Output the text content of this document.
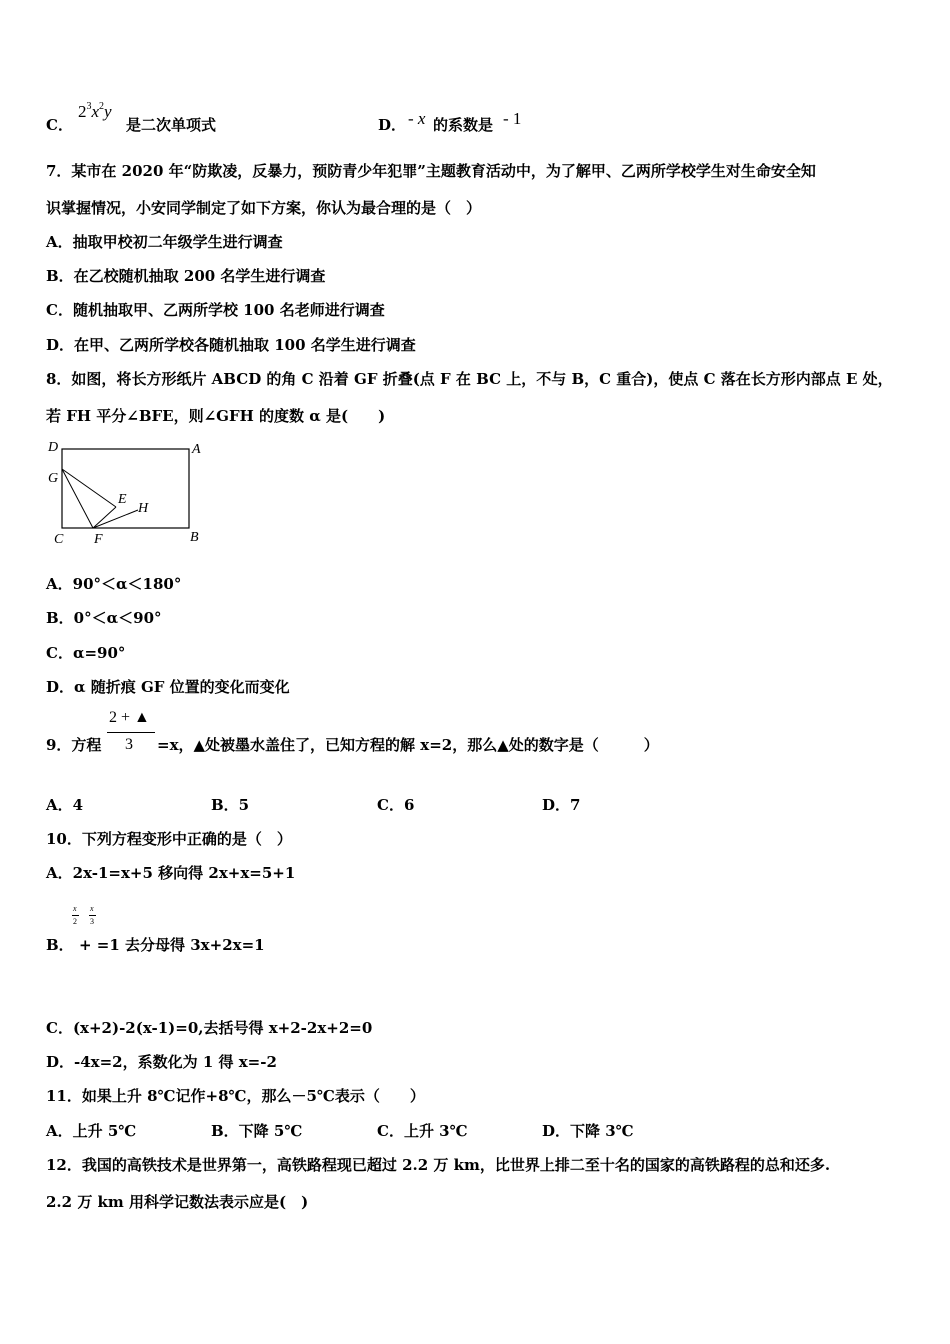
C．
$2^3x^2y$
是二次单项式	D． - x 的系数是 - 1
7．某市在 2020 年“防欺凌，反暴力，预防青少年犯罪”主题教育活动中，为了解甲、乙两所学校学生对生命安全知
识掌握情况，小安同学制定了如下方案，你认为最合理的是（　）
A．抽取甲校初二年级学生进行调查
B．在乙校随机抽取 200 名学生进行调查
C．随机抽取甲、乙两所学校 100 名老师进行调查
D．在甲、乙两所学校各随机抽取 100 名学生进行调查
8．如图，将长方形纸片 ABCD 的角 C 沿着 GF 折叠(点 F 在 BC 上，不与 B，C 重合)，使点 C 落在长方形内部点 E 处，
若 FH 平分∠BFE，则∠GFH 的度数 α 是(　　)
D	A
G
E
H
C F	B
A．90°＜α＜180°
B．0°＜α＜90°
C．α=90°
D．α 随折痕 GF 位置的变化而变化
9．方程
2 + ▲
3 =x，▲处被墨水盖住了，已知方程的解 x=2，那么▲处的数字是（　　　）
A．4	B．5	C．6	D．7
10．下列方程变形中正确的是（　）
A．2x-1=x+5 移向得 2x+x=5+1
x
2
x
3
B． + =1 去分母得 3x+2x=1
C．(x+2)-2(x-1)=0,去括号得 x+2-2x+2=0
D．-4x=2，系数化为 1 得 x=-2
11．如果上升 8℃记作+8℃，那么－5℃表示（　　）
A．上升 5℃	B．下降 5℃	C．上升 3℃	D．下降 3℃
12．我国的高铁技术是世界第一，高铁路程现已超过 2.2 万 km，比世界上排二至十名的国家的高铁路程的总和还多.
2.2 万 km 用科学记数法表示应是(　)
